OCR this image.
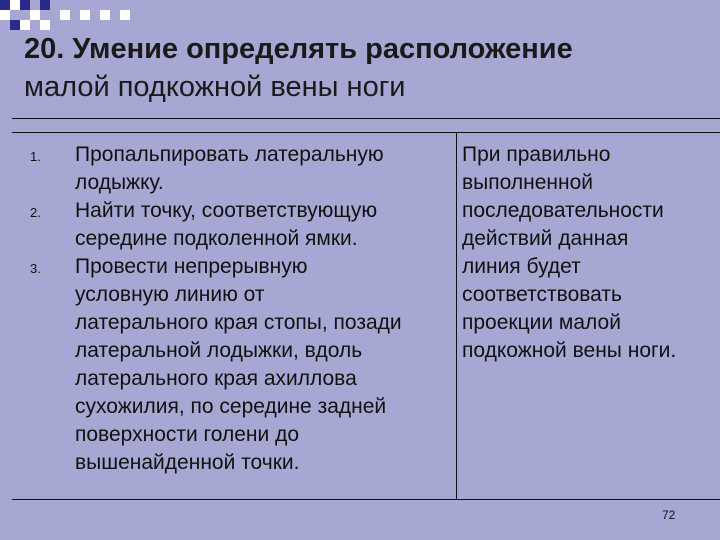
20. Умение определять расположение
малой подкожной вены ноги
1. Пропальпировать латеральную
лодыжку.
2. Найти точку, соответствующую
середине подколенной ямки.
3. Провести непрерывную
условную линию от
латерального края стопы, позади
латеральной лодыжки, вдоль
латерального края ахиллова
сухожилия, по середине задней
поверхности голени до
вышенайденной точки.
При правильно
выполненной
последовательности
действий данная
линия будет
соответствовать
проекции малой
подкожной вены ноги.
72
